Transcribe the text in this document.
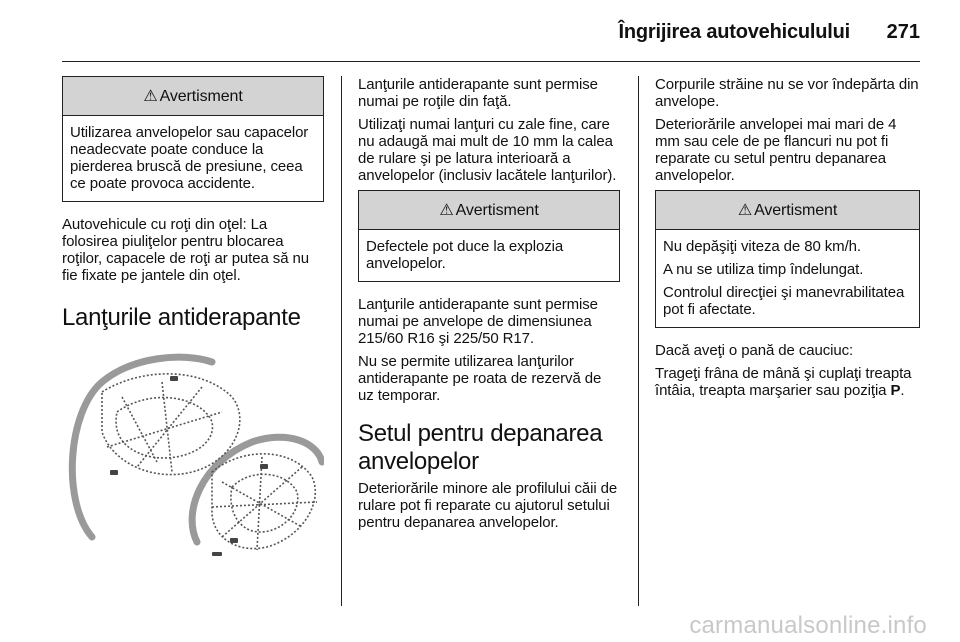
Îngrijirea autovehiculului	271
⚠ Avertisment

Utilizarea anvelopelor sau capacelor neadecvate poate conduce la pierderea bruscă de presiune, ceea ce poate provoca accidente.

Autovehicule cu roţi din oţel: La folosirea piuliţelor pentru blocarea roţilor, capacele de roţi ar putea să nu fie fixate pe jantele din oţel.

Lanţurile antiderapante

Lanţurile antiderapante sunt permise numai pe roţile din faţă.

Utilizaţi numai lanţuri cu zale fine, care nu adaugă mai mult de 10 mm la calea de rulare şi pe latura interioară a anvelopelor (inclusiv lacătele lanţurilor).

⚠ Avertisment

Defectele pot duce la explozia anvelopelor.

Lanţurile antiderapante sunt permise numai pe anvelope de dimensiunea 215/60 R16 şi 225/50 R17.

Nu se permite utilizarea lanţurilor antiderapante pe roata de rezervă de uz temporar.

Setul pentru depanarea anvelopelor

Deteriorările minore ale profilului căii de rulare pot fi reparate cu ajutorul setului pentru depanarea anvelopelor.

Corpurile străine nu se vor îndepărta din anvelope.

Deteriorările anvelopei mai mari de 4 mm sau cele de pe flancuri nu pot fi reparate cu setul pentru depanarea anvelopelor.

⚠ Avertisment

Nu depăşiţi viteza de 80 km/h.

A nu se utiliza timp îndelungat.

Controlul direcţiei şi manevrabilitatea pot fi afectate.

Dacă aveţi o pană de cauciuc:

Trageţi frâna de mână şi cuplaţi treapta întâia, treapta marşarier sau poziţia P.

carmanualsonline.info
